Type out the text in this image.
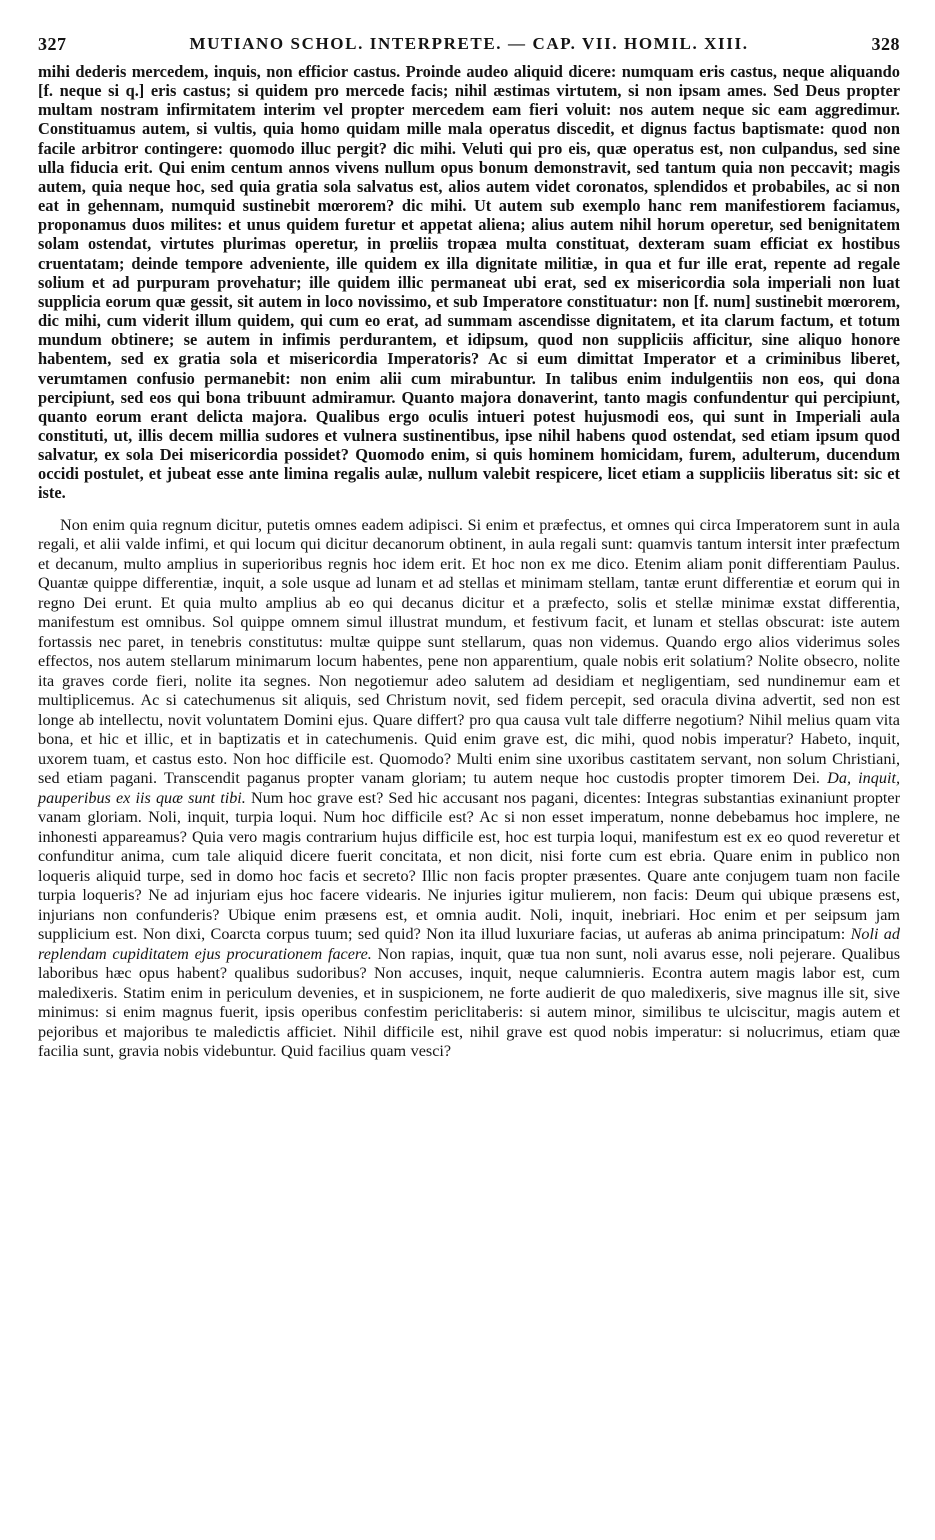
327	MUTIANO SCHOL. INTERPRETE. — CAP. VII. HOMIL. XIII.	328

mihi dederis mercedem, inquis, non efficior castus. Proinde audeo aliquid dicere: numquam eris castus, neque aliquando [f. neque si q.] eris castus; si quidem pro mercede facis; nihil æstimas virtutem, si non ipsam ames. Sed Deus propter multam nostram infirmitatem interim vel propter mercedem eam fieri voluit: nos autem neque sic eam aggredimur. Constituamus autem, si vultis, quia homo quidam mille mala operatus discedit, et dignus factus baptismate: quod non facile arbitror contingere: quomodo illuc pergit? dic mihi. Veluti qui pro eis, quæ operatus est, non culpandus, sed sine ulla fiducia erit. Qui enim centum annos vivens nullum opus bonum demonstravit, sed tantum quia non peccavit; magis autem, quia neque hoc, sed quia gratia sola salvatus est, alios autem videt coronatos, splendidos et probabiles, ac si non eat in gehennam, numquid sustinebit mœrorem? dic mihi. Ut autem sub exemplo hanc rem manifestiorem faciamus, proponamus duos milites: et unus quidem furetur et appetat aliena; alius autem nihil horum operetur, sed benignitatem solam ostendat, virtutes plurimas operetur, in prœliis tropæa multa constituat, dexteram suam efficiat ex hostibus cruentatam; deinde tempore adveniente, ille quidem ex illa dignitate militiæ, in qua et fur ille erat, repente ad regale solium et ad purpuram provehatur; ille quidem illic permaneat ubi erat, sed ex misericordia sola imperiali non luat supplicia eorum quæ gessit, sit autem in loco novissimo, et sub Imperatore constituatur: non [f. num] sustinebit mœrorem, dic mihi, cum viderit illum quidem, qui cum eo erat, ad summam ascendisse dignitatem, et ita clarum factum, et totum mundum obtinere; se autem in infimis perdurantem, et idipsum, quod non suppliciis afficitur, sine aliquo honore habentem, sed ex gratia sola et misericordia Imperatoris? Ac si eum dimittat Imperator et a criminibus liberet, verumtamen confusio permanebit: non enim alii cum mirabuntur. In talibus enim indulgentiis non eos, qui dona percipiunt, sed eos qui bona tribuunt admiramur. Quanto majora donaverint, tanto magis confundentur qui percipiunt, quanto eorum erant delicta majora. Qualibus ergo oculis intueri potest hujusmodi eos, qui sunt in Imperiali aula constituti, ut, illis decem millia sudores et vulnera sustinentibus, ipse nihil habens quod ostendat, sed etiam ipsum quod salvatur, ex sola Dei misericordia possidet? Quomodo enim, si quis hominem homicidam, furem, adulterum, ducendum occidi postulet, et jubeat esse ante limina regalis aulæ, nullum valebit respicere, licet etiam a suppliciis liberatus sit: sic et iste.

Non enim quia regnum dicitur, putetis omnes eadem adipisci. Si enim et præfectus, et omnes qui circa Imperatorem sunt in aula regali, et alii valde infimi, et qui locum qui dicitur decanorum obtinent, in aula regali sunt: quamvis tantum intersit inter præfectum et decanum, multo amplius in superioribus regnis hoc idem erit. Et hoc non ex me dico. Etenim aliam ponit differentiam Paulus. Quantæ quippe differentiæ, inquit, a sole usque ad lunam et ad stellas et minimam stellam, tantæ erunt differentiæ et eorum qui in regno Dei erunt. Et quia multo amplius ab eo qui decanus dicitur et a præfecto, solis et stellæ minimæ exstat differentia, manifestum est omnibus. Sol quippe omnem simul illustrat mundum, et festivum facit, et lunam et stellas obscurat: iste autem fortassis nec paret, in tenebris constitutus: multæ quippe sunt stellarum, quas non videmus. Quando ergo alios viderimus soles effectos, nos autem stellarum minimarum locum habentes, pene non apparentium, quale nobis erit solatium? Nolite obsecro, nolite ita graves corde fieri, nolite ita segnes. Non negotiemur adeo salutem ad desidiam et negligentiam, sed nundinemur eam et multiplicemus. Ac si catechumenus sit aliquis, sed Christum novit, sed fidem percepit, sed oracula divina advertit, sed non est longe ab intellectu, novit voluntatem Domini ejus. Quare differt? pro qua causa vult tale differre negotium? Nihil melius quam vita bona, et hic et illic, et in baptizatis et in catechumenis. Quid enim grave est, dic mihi, quod nobis imperatur? Habeto, inquit, uxorem tuam, et castus esto. Non hoc difficile est. Quomodo? Multi enim sine uxoribus castitatem servant, non solum Christiani, sed etiam pagani. Transcendit paganus propter vanam gloriam; tu autem neque hoc custodis propter timorem Dei. Da, inquit, pauperibus ex iis quæ sunt tibi. Num hoc grave est? Sed hic accusant nos pagani, dicentes: Integras substantias exinaniunt propter vanam gloriam. Noli, inquit, turpia loqui. Num hoc difficile est? Ac si non esset imperatum, nonne debebamus hoc implere, ne inhonesti appareamus? Quia vero magis contrarium hujus difficile est, hoc est turpia loqui, manifestum est ex eo quod reveretur et confunditur anima, cum tale aliquid dicere fuerit concitata, et non dicit, nisi forte cum est ebria. Quare enim in publico non loqueris aliquid turpe, sed in domo hoc facis et secreto? Illic non facis propter præsentes. Quare ante conjugem tuam non facile turpia loqueris? Ne ad injuriam ejus hoc facere videaris. Ne injuries igitur mulierem, non facis: Deum qui ubique præsens est, injurians non confunderis? Ubique enim præsens est, et omnia audit. Noli, inquit, inebriari. Hoc enim et per seipsum jam supplicium est. Non dixi, Coarcta corpus tuum; sed quid? Non ita illud luxuriare facias, ut auferas ab anima principatum: Noli ad replendam cupiditatem ejus procurationem facere. Non rapias, inquit, quæ tua non sunt, noli avarus esse, noli pejerare. Qualibus laboribus hæc opus habent? qualibus sudoribus? Non accuses, inquit, neque calumnieris. Econtra autem magis labor est, cum maledixeris. Statim enim in periculum devenies, et in suspicionem, ne forte audierit de quo maledixeris, sive magnus ille sit, sive minimus: si enim magnus fuerit, ipsis operibus confestim periclitaberis: si autem minor, similibus te ulciscitur, magis autem et pejoribus et majoribus te maledictis afficiet. Nihil difficile est, nihil grave est quod nobis imperatur: si nolucrimus, etiam quæ facilia sunt, gravia nobis videbuntur. Quid facilius quam vesci?
